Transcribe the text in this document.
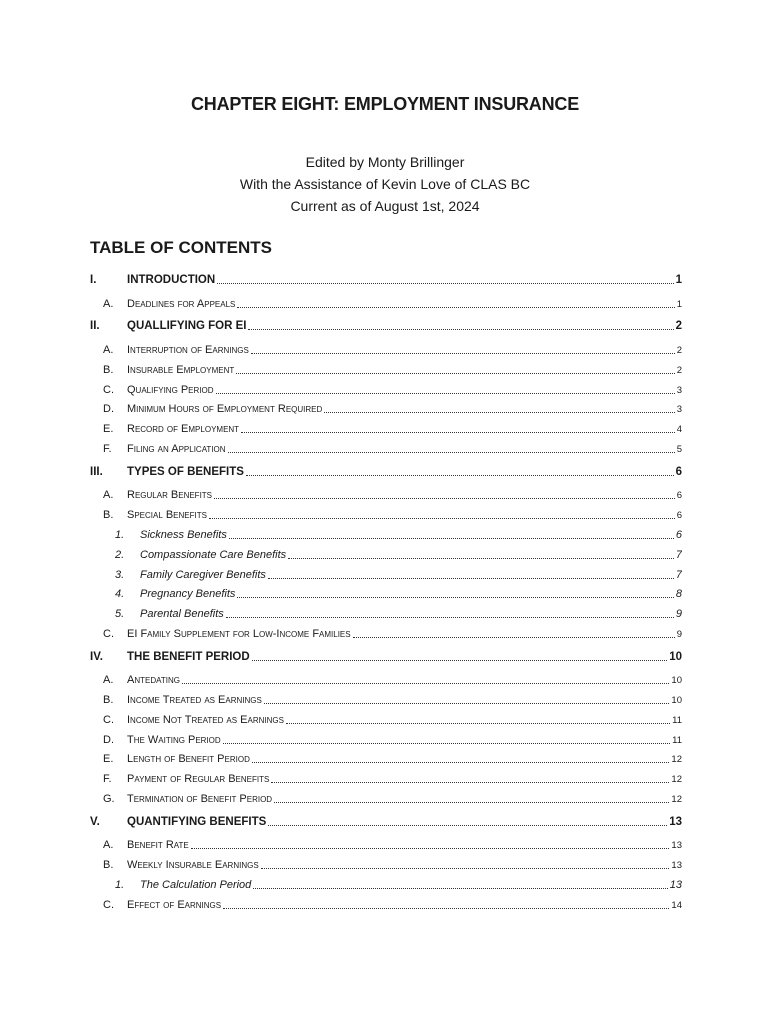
CHAPTER EIGHT: EMPLOYMENT INSURANCE
Edited by Monty Brillinger
With the Assistance of Kevin Love of CLAS BC
Current as of August 1st, 2024
TABLE OF CONTENTS
I.	INTRODUCTION	1
A.	Deadlines for Appeals	1
II.	QUALLIFYING FOR EI	2
A.	Interruption of Earnings	2
B.	Insurable Employment	2
C.	Qualifying Period	3
D.	Minimum Hours of Employment Required	3
E.	Record of Employment	4
F.	Filing an Application	5
III.	TYPES OF BENEFITS	6
A.	Regular Benefits	6
B.	Special Benefits	6
1.	Sickness Benefits	6
2.	Compassionate Care Benefits	7
3.	Family Caregiver Benefits	7
4.	Pregnancy Benefits	8
5.	Parental Benefits	9
C.	EI Family Supplement for Low-Income Families	9
IV.	THE BENEFIT PERIOD	10
A.	Antedating	10
B.	Income Treated as Earnings	10
C.	Income Not Treated as Earnings	11
D.	The Waiting Period	11
E.	Length of Benefit Period	12
F.	Payment of Regular Benefits	12
G.	Termination of Benefit Period	12
V.	QUANTIFYING BENEFITS	13
A.	Benefit Rate	13
B.	Weekly Insurable Earnings	13
1.	The Calculation Period	13
C.	Effect of Earnings	14
